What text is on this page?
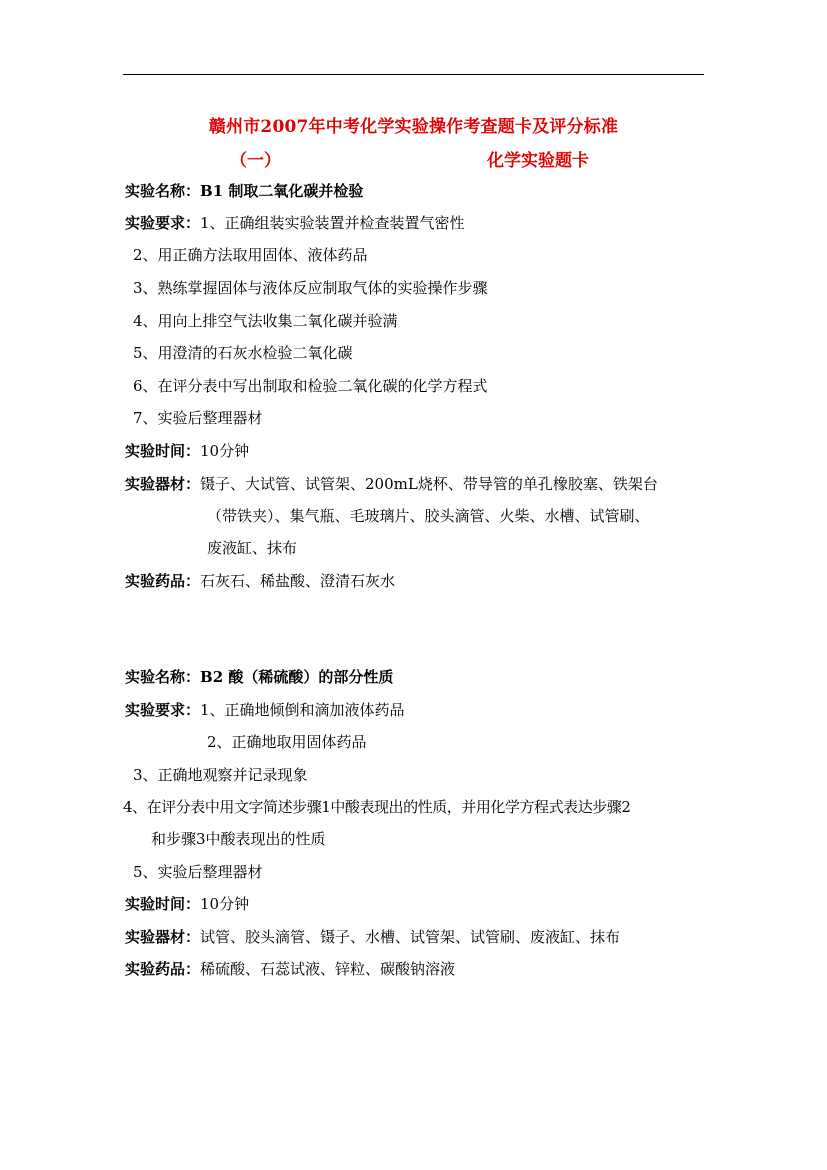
赣州市2007年中考化学实验操作考查题卡及评分标准
（一）	化学实验题卡
实验名称：B1 制取二氧化碳并检验
实验要求：1、正确组装实验装置并检查装置气密性
2、用正确方法取用固体、液体药品
3、熟练掌握固体与液体反应制取气体的实验操作步骤
4、用向上排空气法收集二氧化碳并验满
5、用澄清的石灰水检验二氧化碳
6、在评分表中写出制取和检验二氧化碳的化学方程式
7、实验后整理器材
实验时间：10分钟
实验器材：镊子、大试管、试管架、200mL烧杯、带导管的单孔橡胶塞、铁架台
（带铁夹）、集气瓶、毛玻璃片、胶头滴管、火柴、水槽、试管刷、
废液缸、抹布
实验药品：石灰石、稀盐酸、澄清石灰水
实验名称：B2 酸（稀硫酸）的部分性质
实验要求：1、正确地倾倒和滴加液体药品
2、正确地取用固体药品
3、正确地观察并记录现象
4、在评分表中用文字简述步骤1中酸表现出的性质，并用化学方程式表达步骤2
和步骤3中酸表现出的性质
5、实验后整理器材
实验时间：10分钟
实验器材：试管、胶头滴管、镊子、水槽、试管架、试管刷、废液缸、抹布
实验药品：稀硫酸、石蕊试液、锌粒、碳酸钠溶液
